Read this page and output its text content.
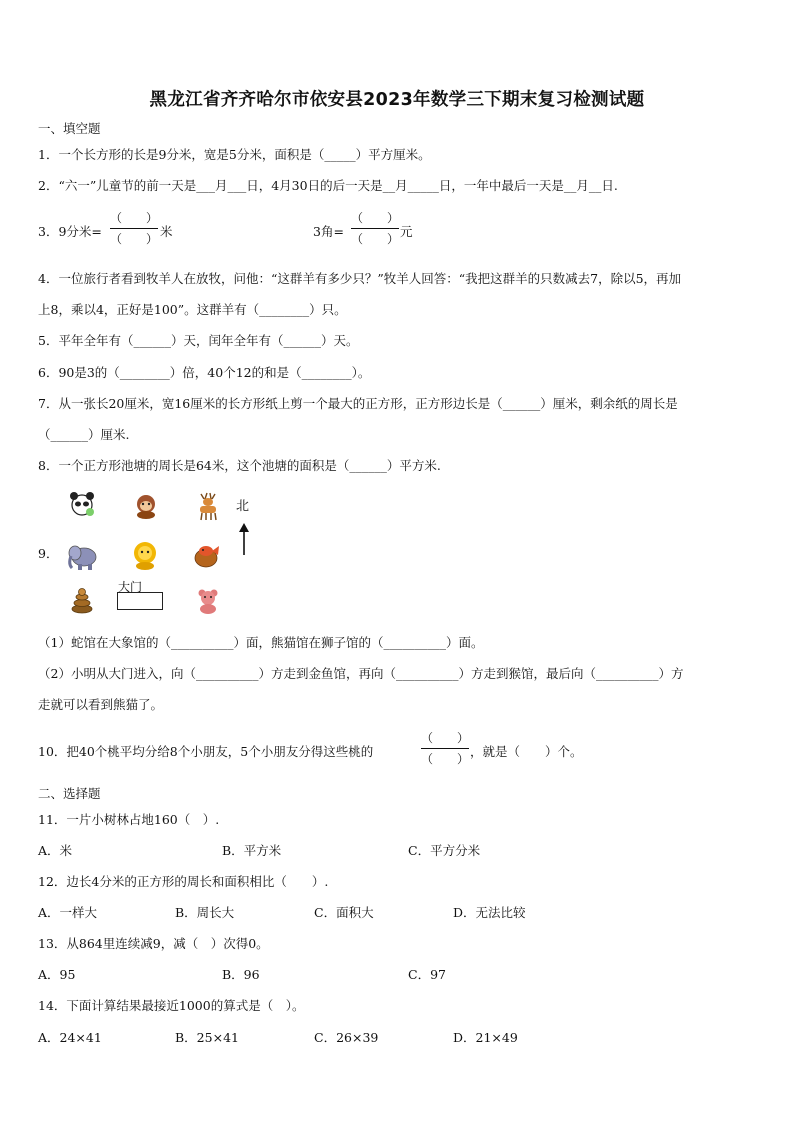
黑龙江省齐齐哈尔市依安县2023年数学三下期末复习检测试题
一、填空题
1．一个长方形的长是9分米，宽是5分米，面积是（_____）平方厘米。
2．“六一”儿童节的前一天是___月___日，4月30日的后一天是__月_____日，一年中最后一天是__月__日.
3．9分米=
（　　）
（　　） 米	3角=
（　　）
（　　） 元
4．一位旅行者看到牧羊人在放牧，问他：“这群羊有多少只？”牧羊人回答：“我把这群羊的只数减去7，除以5，再加
上8，乘以4，正好是100”。这群羊有（________）只。
5．平年全年有（______）天，闰年全年有（______）天。
6．90是3的（________）倍，40个12的和是（________）。
7．从一张长20厘米，宽16厘米的长方形纸上剪一个最大的正方形，正方形边长是（______）厘米，剩余纸的周长是
（______）厘米.
8．一个正方形池塘的周长是64米，这个池塘的面积是（______）平方米.
9．
北
大门
（1）蛇馆在大象馆的（__________）面，熊猫馆在狮子馆的（__________）面。
（2）小明从大门进入，向（__________）方走到金鱼馆，再向（__________）方走到猴馆，最后向（__________）方
走就可以看到熊猫了。
10．把40个桃平均分给8个小朋友，5个小朋友分得这些桃的
（　　）
（　　） ，就是（　　）个。
二、选择题
11．一片小树林占地160（　）.
A．米	B．平方米	C．平方分米
12．边长4分米的正方形的周长和面积相比（　　）.
A．一样大	B．周长大	C．面积大	D．无法比较
13．从864里连续减9，减（　）次得0。
A．95	B．96	C．97
14．下面计算结果最接近1000的算式是（　）。
A．24×41	B．25×41	C．26×39	D．21×49
